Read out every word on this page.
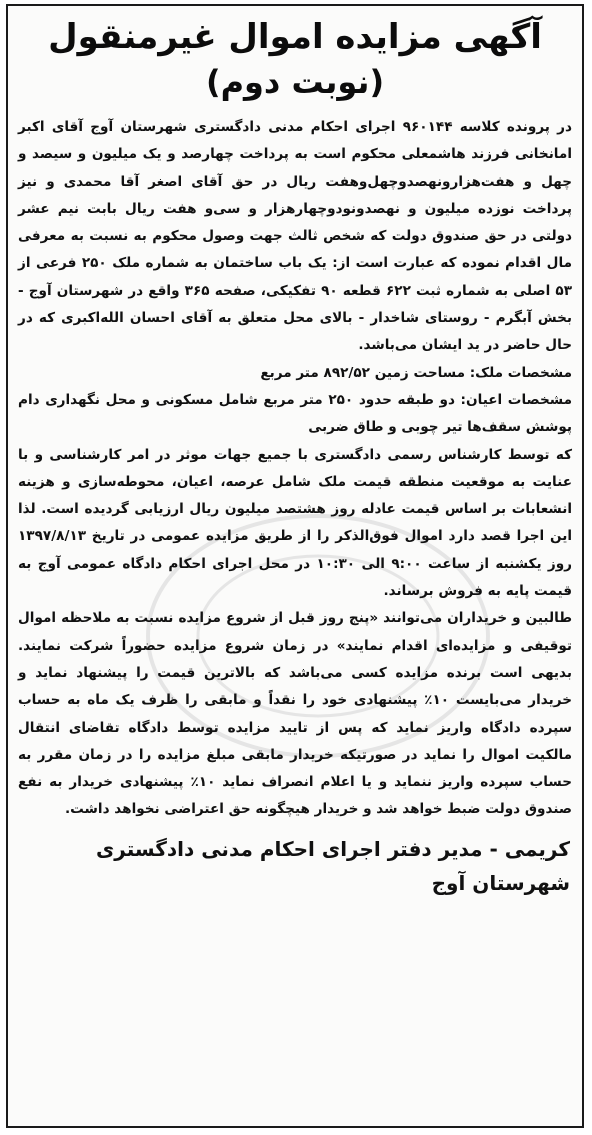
آگهی مزایده اموال غیرمنقول
(نوبت دوم)

در پرونده کلاسه ۹۶۰۱۴۴ اجرای احکام مدنی دادگستری شهرستان آوج آقای اکبر امانخانی فرزند هاشمعلی محکوم است به پرداخت چهارصد و یک میلیون و سیصد و چهل و هفت‌هزارونهصدوچهل‌وهفت ریال در حق آقای اصغر آقا محمدی و نیز پرداخت نوزده میلیون و نهصدونودوچهارهزار و سی‌و هفت ریال بابت نیم عشر دولتی در حق صندوق دولت که شخص ثالث جهت وصول محکوم به نسبت به معرفی مال اقدام نموده که عبارت است از: یک باب ساختمان به شماره ملک ۲۵۰ فرعی از ۵۳ اصلی به شماره ثبت ۶۲۲ قطعه ۹۰ تفکیکی، صفحه ۳۶۵ واقع در شهرستان آوج - بخش آبگرم - روستای شاخدار - بالای محل متعلق به آقای احسان الله‌اکبری که در حال حاضر در ید ایشان می‌باشد.

مشخصات ملک: مساحت زمین ۸۹۲/۵۲ متر مربع

مشخصات اعیان: دو طبقه حدود ۲۵۰ متر مربع شامل مسکونی و محل نگهداری دام پوشش سقف‌ها تیر چوبی و طاق ضربی

که توسط کارشناس رسمی دادگستری با جمیع جهات موثر در امر کارشناسی و با عنایت به موقعیت منطقه قیمت ملک شامل عرصه، اعیان، محوطه‌سازی و هزینه انشعابات بر اساس قیمت عادله روز هشتصد میلیون ریال ارزیابی گردیده است. لذا این اجرا قصد دارد اموال فوق‌الذکر را از طریق مزایده عمومی در تاریخ ۱۳۹۷/۸/۱۳ روز یکشنبه از ساعت ۹:۰۰ الی ۱۰:۳۰ در محل اجرای احکام دادگاه عمومی آوج به قیمت پایه به فروش برساند.

طالبین و خریداران می‌توانند «پنج روز قبل از شروع مزایده نسبت به ملاحظه اموال توقیفی و مزایده‌ای اقدام نمایند» در زمان شروع مزایده حضوراً شرکت نمایند. بدیهی است برنده مزایده کسی می‌باشد که بالاترین قیمت را پیشنهاد نماید و خریدار می‌بایست ۱۰٪ پیشنهادی خود را نقداً و مابقی را ظرف یک ماه به حساب سپرده دادگاه واریز نماید که پس از تایید مزایده توسط دادگاه تقاضای انتقال مالکیت اموال را نماید در صورتیکه خریدار مابقی مبلغ مزایده را در زمان مقرر به حساب سپرده واریز ننماید و یا اعلام انصراف نماید ۱۰٪ پیشنهادی خریدار به نفع صندوق دولت ضبط خواهد شد و خریدار هیچگونه حق اعتراضی نخواهد داشت.

کریمی - مدیر دفتر اجرای احکام مدنی دادگستری شهرستان آوج
